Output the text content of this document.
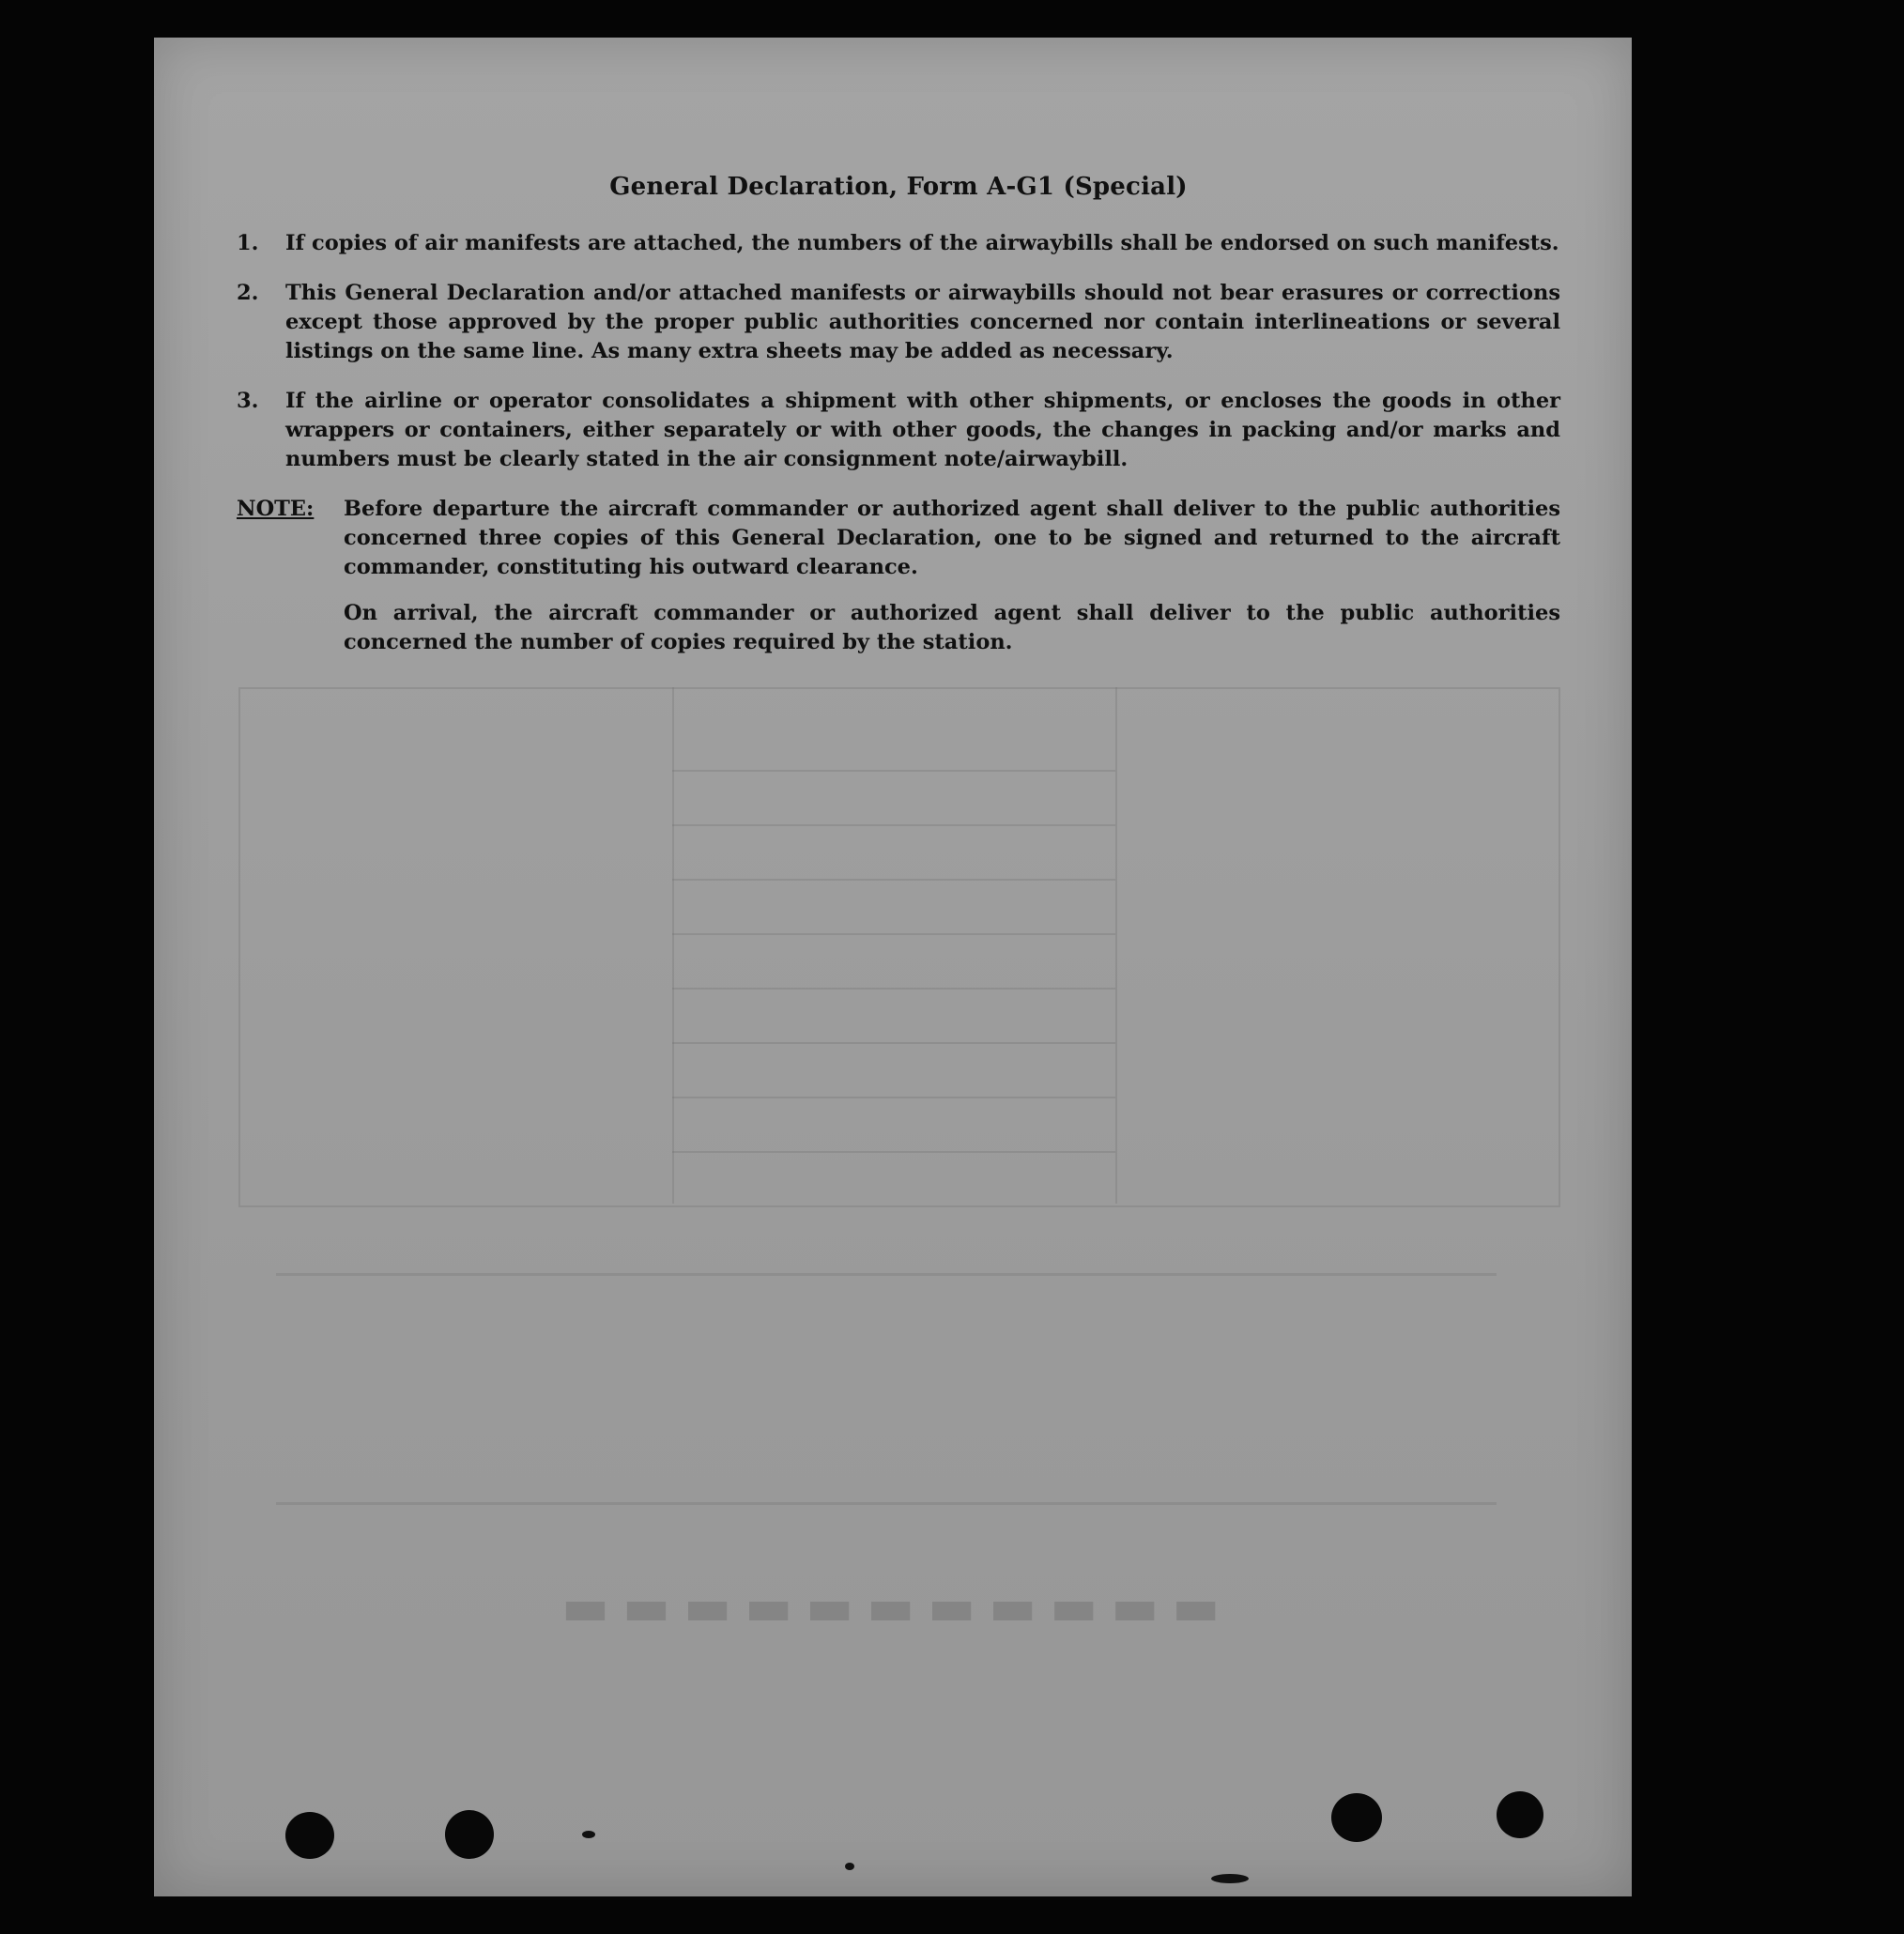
▬▬▬▬▬▬▬▬▬▬▬
General Declaration, Form A-G1 (Special)
1.	If copies of air manifests are attached, the numbers of the airwaybills shall be endorsed on such manifests.
2.	This General Declaration and/or attached manifests or airwaybills should not bear erasures or corrections except those approved by the proper public authorities concerned nor contain interlineations or several listings on the same line. As many extra sheets may be added as necessary.
3.	If the airline or operator consolidates a shipment with other shipments, or encloses the goods in other wrappers or containers, either separately or with other goods, the changes in packing and/or marks and numbers must be clearly stated in the air consignment note/airwaybill.
NOTE:	Before departure the aircraft commander or authorized agent shall deliver to the public authorities concerned three copies of this General Declaration, one to be signed and returned to the aircraft commander, constituting his outward clearance.

On arrival, the aircraft commander or authorized agent shall deliver to the public authorities concerned the number of copies required by the station.
